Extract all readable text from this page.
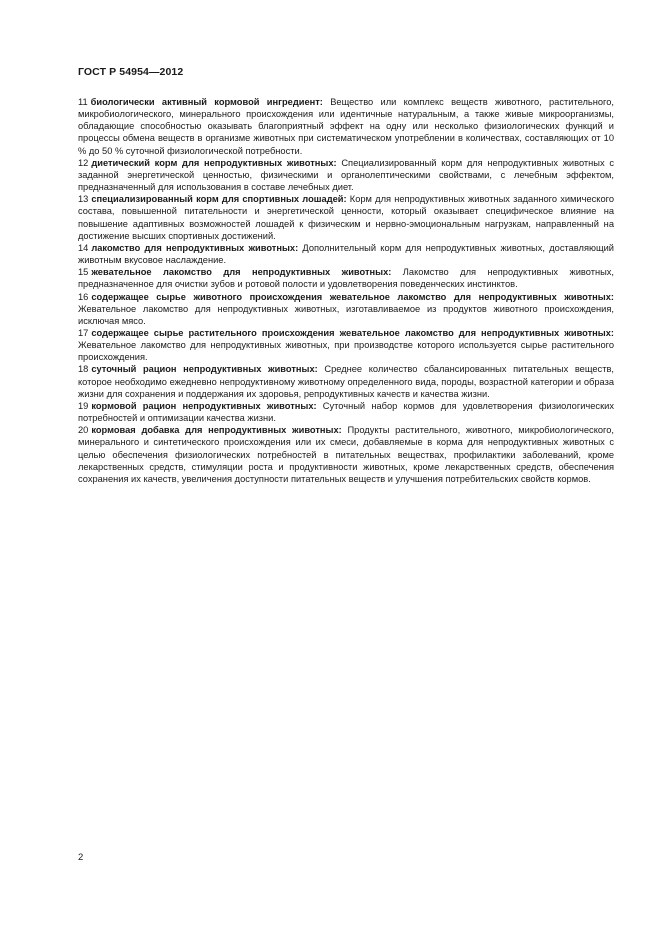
ГОСТ Р 54954—2012

11 биологически активный кормовой ингредиент: Вещество или комплекс веществ животного, растительного, микробиологического, минерального происхождения или идентичные натуральным, а также живые микроорганизмы, обладающие способностью оказывать благоприятный эффект на одну или несколько физиологических функций и процессы обмена веществ в организме животных при систематическом употреблении в количествах, составляющих от 10 % до 50 % суточной физиологической потребности.

12 диетический корм для непродуктивных животных: Специализированный корм для непродуктивных животных с заданной энергетической ценностью, физическими и органолептическими свойствами, с лечебным эффектом, предназначенный для использования в составе лечебных диет.

13 специализированный корм для спортивных лошадей: Корм для непродуктивных животных заданного химического состава, повышенной питательности и энергетической ценности, который оказывает специфическое влияние на повышение адаптивных возможностей лошадей к физическим и нервно-эмоциональным нагрузкам, направленный на достижение высших спортивных достижений.

14 лакомство для непродуктивных животных: Дополнительный корм для непродуктивных животных, доставляющий животным вкусовое наслаждение.

15 жевательное лакомство для непродуктивных животных: Лакомство для непродуктивных животных, предназначенное для очистки зубов и ротовой полости и удовлетворения поведенческих инстинктов.

16 содержащее сырье животного происхождения жевательное лакомство для непродуктивных животных: Жевательное лакомство для непродуктивных животных, изготавливаемое из продуктов животного происхождения, исключая мясо.

17 содержащее сырье растительного происхождения жевательное лакомство для непродуктивных животных: Жевательное лакомство для непродуктивных животных, при производстве которого используется сырье растительного происхождения.

18 суточный рацион непродуктивных животных: Среднее количество сбалансированных питательных веществ, которое необходимо ежедневно непродуктивному животному определенного вида, породы, возрастной категории и образа жизни для сохранения и поддержания их здоровья, репродуктивных качеств и качества жизни.

19 кормовой рацион непродуктивных животных: Суточный набор кормов для удовлетворения физиологических потребностей и оптимизации качества жизни.

20 кормовая добавка для непродуктивных животных: Продукты растительного, животного, микробиологического, минерального и синтетического происхождения или их смеси, добавляемые в корма для непродуктивных животных с целью обеспечения физиологических потребностей в питательных веществах, профилактики заболеваний, кроме лекарственных средств, стимуляции роста и продуктивности животных, кроме лекарственных средств, обеспечения сохранения их качеств, увеличения доступности питательных веществ и улучшения потребительских свойств кормов.

2
